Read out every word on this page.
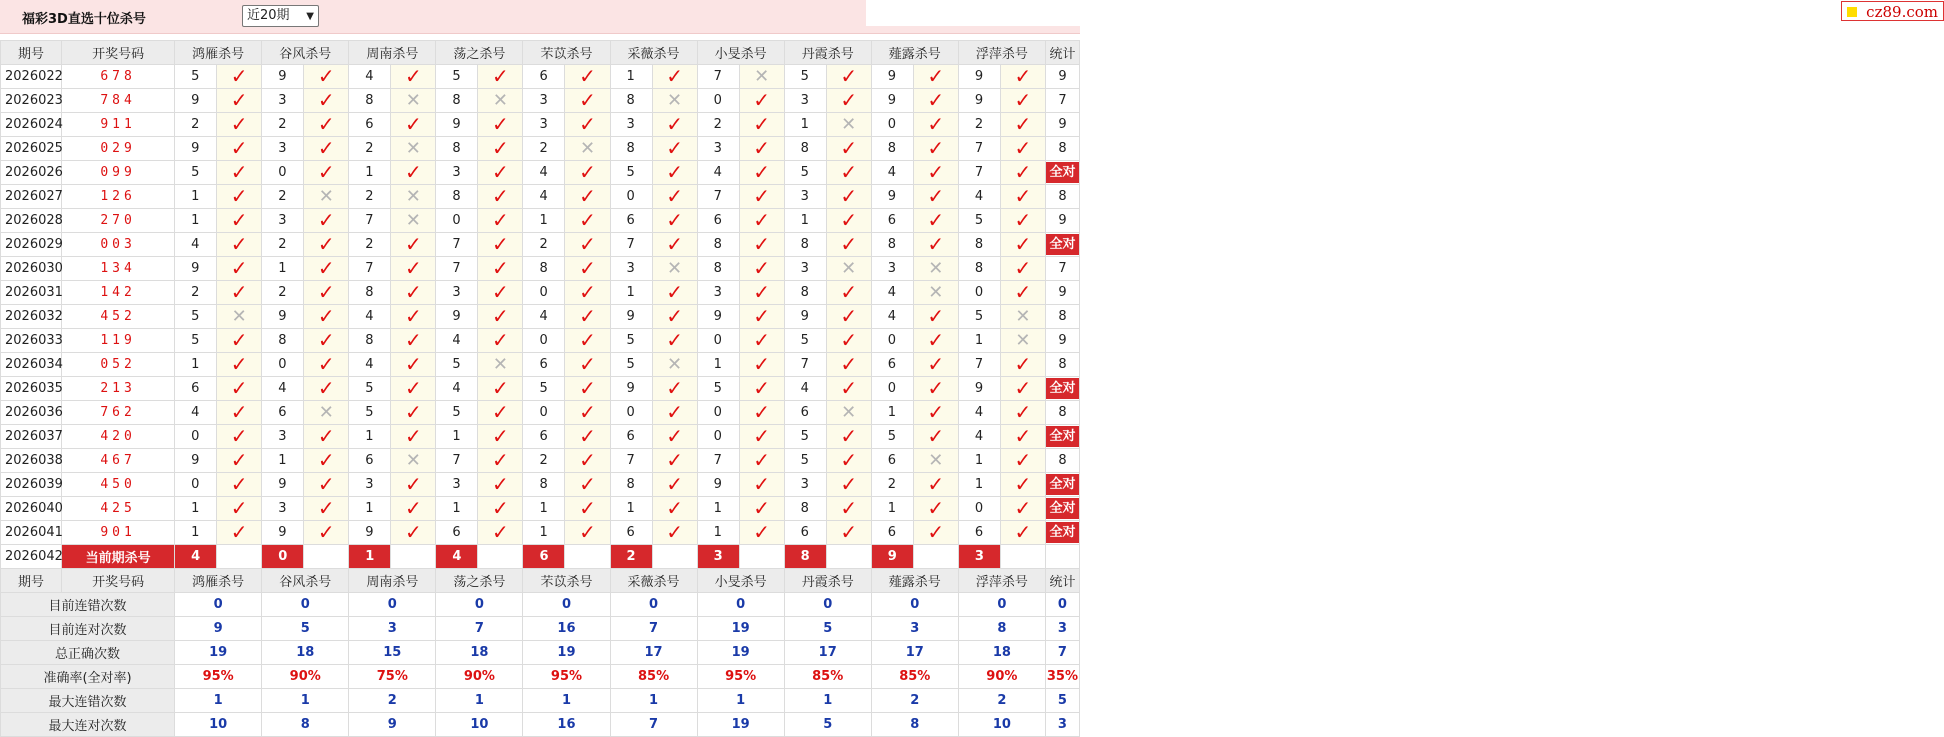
福彩3D直选十位杀号	近20期 ▼	cz89.com
期号	开奖号码	鸿雁杀号		谷风杀号		周南杀号		荡之杀号		芣苡杀号		采薇杀号		小旻杀号		丹霞杀号		薤露杀号		浮萍杀号		统计
2026022	678	5	✓	9	✓	4	✓	5	✓	6	✓	1	✓	7	✕	5	✓	9	✓	9	✓	9
2026023	784	9	✓	3	✓	8	✕	8	✕	3	✓	8	✕	0	✓	3	✓	9	✓	9	✓	7
2026024	911	2	✓	2	✓	6	✓	9	✓	3	✓	3	✓	2	✓	1	✕	0	✓	2	✓	9
2026025	029	9	✓	3	✓	2	✕	8	✓	2	✕	8	✓	3	✓	8	✓	8	✓	7	✓	8
2026026	099	5	✓	0	✓	1	✓	3	✓	4	✓	5	✓	4	✓	5	✓	4	✓	7	✓	全对

2026027	126	1	✓	2	✕	2	✕	8	✓	4	✓	0	✓	7	✓	3	✓	9	✓	4	✓	8
2026028	270	1	✓	3	✓	7	✕	0	✓	1	✓	6	✓	6	✓	1	✓	6	✓	5	✓	9
2026029	003	4	✓	2	✓	2	✓	7	✓	2	✓	7	✓	8	✓	8	✓	8	✓	8	✓	全对

2026030	134	9	✓	1	✓	7	✓	7	✓	8	✓	3	✕	8	✓	3	✕	3	✕	8	✓	7
2026031	142	2	✓	2	✓	8	✓	3	✓	0	✓	1	✓	3	✓	8	✓	4	✕	0	✓	9
2026032	452	5	✕	9	✓	4	✓	9	✓	4	✓	9	✓	9	✓	9	✓	4	✓	5	✕	8
2026033	119	5	✓	8	✓	8	✓	4	✓	0	✓	5	✓	0	✓	5	✓	0	✓	1	✕	9
2026034	052	1	✓	0	✓	4	✓	5	✕	6	✓	5	✕	1	✓	7	✓	6	✓	7	✓	8
2026035	213	6	✓	4	✓	5	✓	4	✓	5	✓	9	✓	5	✓	4	✓	0	✓	9	✓	全对

2026036	762	4	✓	6	✕	5	✓	5	✓	0	✓	0	✓	0	✓	6	✕	1	✓	4	✓	8
2026037	420	0	✓	3	✓	1	✓	1	✓	6	✓	6	✓	0	✓	5	✓	5	✓	4	✓	全对

2026038	467	9	✓	1	✓	6	✕	7	✓	2	✓	7	✓	7	✓	5	✓	6	✕	1	✓	8
2026039	450	0	✓	9	✓	3	✓	3	✓	8	✓	8	✓	9	✓	3	✓	2	✓	1	✓	全对

2026040	425	1	✓	3	✓	1	✓	1	✓	1	✓	1	✓	1	✓	8	✓	1	✓	0	✓	全对

2026041	901	1	✓	9	✓	9	✓	6	✓	1	✓	6	✓	1	✓	6	✓	6	✓	6	✓	全对

2026042	当前期杀号	4		0		1		4		6		2		3		8		9		3		
期号	开奖号码	鸿雁杀号		谷风杀号		周南杀号		荡之杀号		芣苡杀号		采薇杀号		小旻杀号		丹霞杀号		薤露杀号		浮萍杀号		统计
目前连错次数		0		0		0		0		0		0		0		0		0		0		0
目前连对次数		9		5		3		7		16		7		19		5		3		8		3
总正确次数		19		18		15		18		19		17		19		17		17		18		7
准确率(全对率)		95%		90%		75%		90%		95%		85%		95%		85%		85%		90%		35%
最大连错次数		1		1		2		1		1		1		1		1		2		2		5
最大连对次数		10		8		9		10		16		7		19		5		8		10		3
